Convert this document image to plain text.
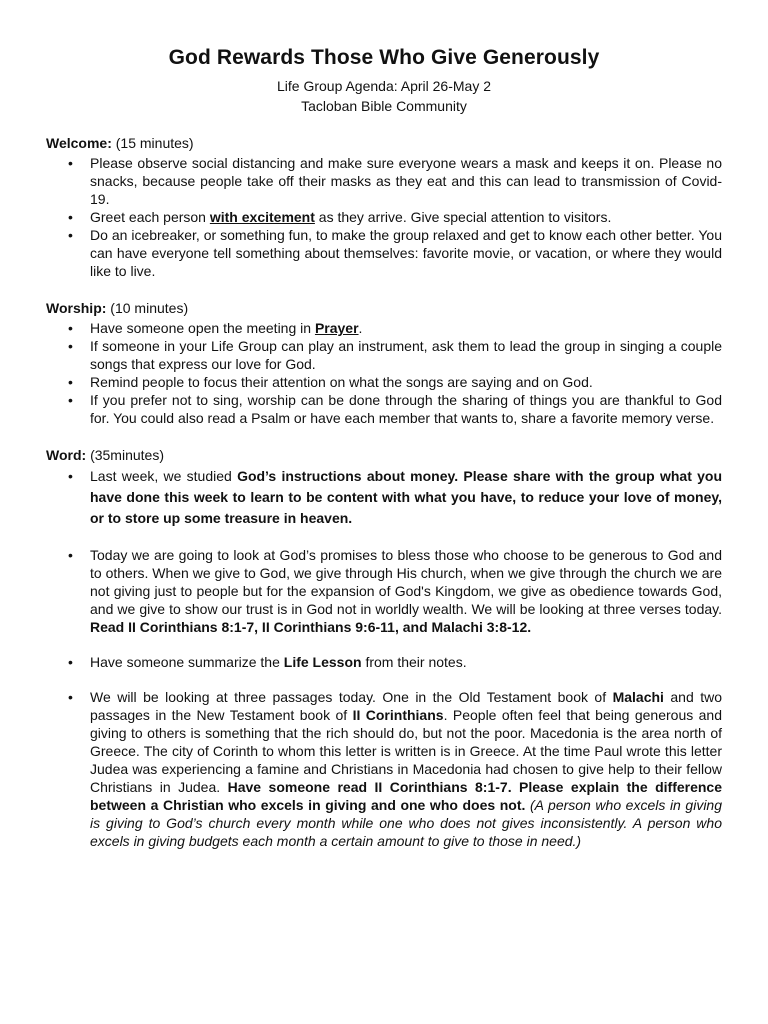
God Rewards Those Who Give Generously
Life Group Agenda: April 26-May 2
Tacloban Bible Community
Welcome: (15 minutes)
• Please observe social distancing and make sure everyone wears a mask and keeps it on. Please no snacks, because people take off their masks as they eat and this can lead to transmission of Covid-19.
• Greet each person with excitement as they arrive. Give special attention to visitors.
• Do an icebreaker, or something fun, to make the group relaxed and get to know each other better. You can have everyone tell something about themselves: favorite movie, or vacation, or where they would like to live.
Worship: (10 minutes)
• Have someone open the meeting in Prayer.
• If someone in your Life Group can play an instrument, ask them to lead the group in singing a couple songs that express our love for God.
• Remind people to focus their attention on what the songs are saying and on God.
• If you prefer not to sing, worship can be done through the sharing of things you are thankful to God for. You could also read a Psalm or have each member that wants to, share a favorite memory verse.
Word: (35minutes)
• Last week, we studied God’s instructions about money. Please share with the group what you have done this week to learn to be content with what you have, to reduce your love of money, or to store up some treasure in heaven.
• Today we are going to look at God’s promises to bless those who choose to be generous to God and to others. When we give to God, we give through His church, when we give through the church we are not giving just to people but for the expansion of God's Kingdom, we give as obedience towards God, and we give to show our trust is in God not in worldly wealth. We will be looking at three verses today. Read II Corinthians 8:1-7, II Corinthians 9:6-11, and Malachi 3:8-12.
• Have someone summarize the Life Lesson from their notes.
• We will be looking at three passages today. One in the Old Testament book of Malachi and two passages in the New Testament book of II Corinthians. People often feel that being generous and giving to others is something that the rich should do, but not the poor. Macedonia is the area north of Greece. The city of Corinth to whom this letter is written is in Greece. At the time Paul wrote this letter Judea was experiencing a famine and Christians in Macedonia had chosen to give help to their fellow Christians in Judea. Have someone read II Corinthians 8:1-7. Please explain the difference between a Christian who excels in giving and one who does not. (A person who excels in giving is giving to God’s church every month while one who does not gives inconsistently. A person who excels in giving budgets each month a certain amount to give to those in need.)
